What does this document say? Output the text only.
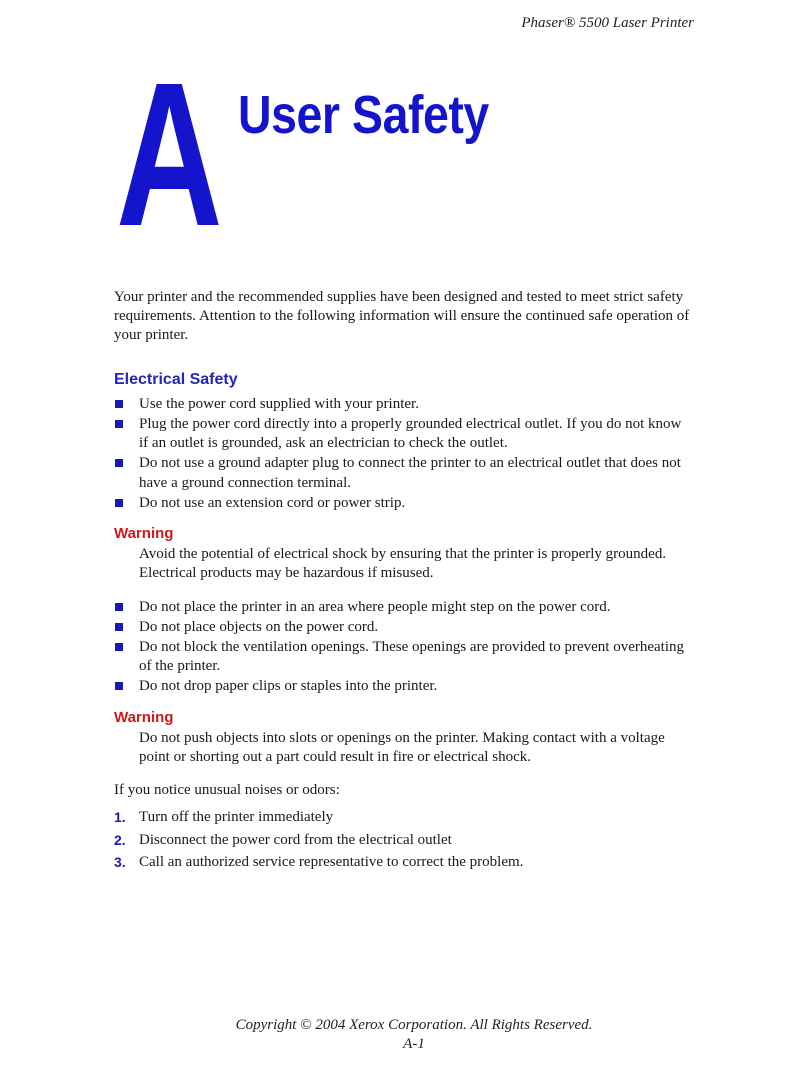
Phaser® 5500 Laser Printer
A User Safety

Your printer and the recommended supplies have been designed and tested to meet strict safety requirements. Attention to the following information will ensure the continued safe operation of your printer.

Electrical Safety
Use the power cord supplied with your printer.
Plug the power cord directly into a properly grounded electrical outlet. If you do not know if an outlet is grounded, ask an electrician to check the outlet.
Do not use a ground adapter plug to connect the printer to an electrical outlet that does not have a ground connection terminal.
Do not use an extension cord or power strip.
Warning

Avoid the potential of electrical shock by ensuring that the printer is properly grounded. Electrical products may be hazardous if misused.

Do not place the printer in an area where people might step on the power cord.
Do not place objects on the power cord.
Do not block the ventilation openings. These openings are provided to prevent overheating of the printer.
Do not drop paper clips or staples into the printer.
Warning

Do not push objects into slots or openings on the printer. Making contact with a voltage point or shorting out a part could result in fire or electrical shock.

If you notice unusual noises or odors:

1. Turn off the printer immediately
2. Disconnect the power cord from the electrical outlet
3. Call an authorized service representative to correct the problem.
Copyright © 2004 Xerox Corporation. All Rights Reserved.
A-1
